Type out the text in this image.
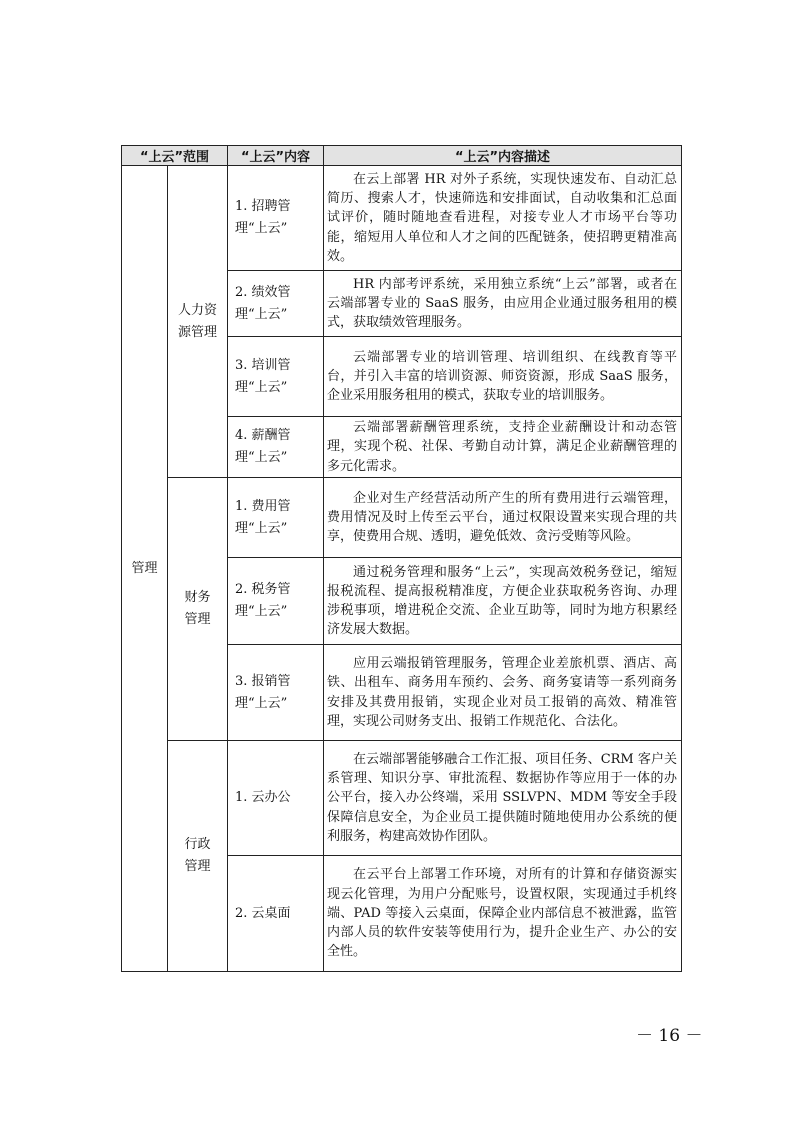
“上云”范围		“上云”内容	“上云”内容描述
管理	人力资源管理	1. 招聘管理“上云”	在云上部署 HR 对外子系统，实现快速发布、自动汇总简历、搜索人才，快速筛选和安排面试，自动收集和汇总面试评价，随时随地查看进程，对接专业人才市场平台等功能，缩短用人单位和人才之间的匹配链条，使招聘更精准高效。

		2. 绩效管理“上云”	HR 内部考评系统，采用独立系统“上云”部署，或者在云端部署专业的 SaaS 服务，由应用企业通过服务租用的模式，获取绩效管理服务。

		3. 培训管理“上云”	云端部署专业的培训管理、培训组织、在线教育等平台，并引入丰富的培训资源、师资资源，形成 SaaS 服务，企业采用服务租用的模式，获取专业的培训服务。

		4. 薪酬管理“上云”	云端部署薪酬管理系统，支持企业薪酬设计和动态管理，实现个税、社保、考勤自动计算，满足企业薪酬管理的多元化需求。

	财务管理	1. 费用管理“上云”	企业对生产经营活动所产生的所有费用进行云端管理，费用情况及时上传至云平台，通过权限设置来实现合理的共享，使费用合规、透明，避免低效、贪污受贿等风险。

		2. 税务管理“上云”	通过税务管理和服务“上云”，实现高效税务登记，缩短报税流程、提高报税精准度，方便企业获取税务咨询、办理涉税事项，增进税企交流、企业互助等，同时为地方积累经济发展大数据。

		3. 报销管理“上云”	应用云端报销管理服务，管理企业差旅机票、酒店、高铁、出租车、商务用车预约、会务、商务宴请等一系列商务安排及其费用报销，实现企业对员工报销的高效、精准管理，实现公司财务支出、报销工作规范化、合法化。

	行政管理	1. 云办公	在云端部署能够融合工作汇报、项目任务、CRM 客户关系管理、知识分享、审批流程、数据协作等应用于一体的办公平台，接入办公终端，采用 SSLVPN、MDM 等安全手段保障信息安全，为企业员工提供随时随地使用办公系统的便利服务，构建高效协作团队。

		2. 云桌面	在云平台上部署工作环境，对所有的计算和存储资源实现云化管理，为用户分配账号，设置权限，实现通过手机终端、PAD 等接入云桌面，保障企业内部信息不被泄露，监管内部人员的软件安装等使用行为，提升企业生产、办公的安全性。
－ 16 －
